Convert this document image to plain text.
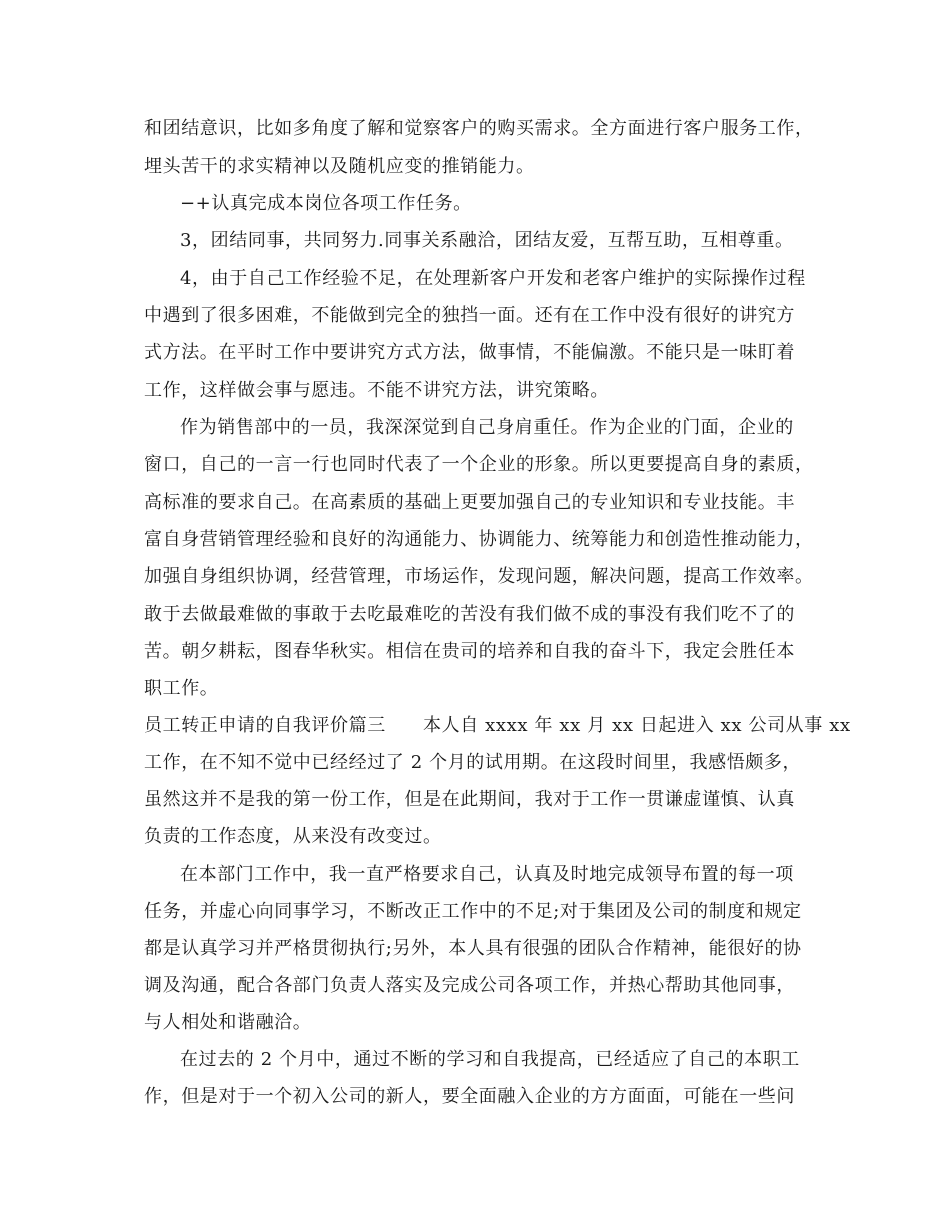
和团结意识，比如多角度了解和觉察客户的购买需求。全方面进行客户服务工作，
埋头苦干的求实精神以及随机应变的推销能力。
−+认真完成本岗位各项工作任务。
3，团结同事，共同努力.同事关系融洽，团结友爱，互帮互助，互相尊重。
4，由于自己工作经验不足，在处理新客户开发和老客户维护的实际操作过程
中遇到了很多困难，不能做到完全的独挡一面。还有在工作中没有很好的讲究方
式方法。在平时工作中要讲究方式方法，做事情，不能偏激。不能只是一味盯着
工作，这样做会事与愿违。不能不讲究方法，讲究策略。
作为销售部中的一员，我深深觉到自己身肩重任。作为企业的门面，企业的
窗口，自己的一言一行也同时代表了一个企业的形象。所以更要提高自身的素质，
高标准的要求自己。在高素质的基础上更要加强自己的专业知识和专业技能。丰
富自身营销管理经验和良好的沟通能力、协调能力、统筹能力和创造性推动能力，
加强自身组织协调，经营管理，市场运作，发现问题，解决问题，提高工作效率。
敢于去做最难做的事敢于去吃最难吃的苦没有我们做不成的事没有我们吃不了的
苦。朝夕耕耘，图春华秋实。相信在贵司的培养和自我的奋斗下，我定会胜任本
职工作。
员工转正申请的自我评价篇三　　本人自 xxxx 年 xx 月 xx 日起进入 xx 公司从事 xx
工作，在不知不觉中已经经过了 2 个月的试用期。在这段时间里，我感悟颇多，
虽然这并不是我的第一份工作，但是在此期间，我对于工作一贯谦虚谨慎、认真
负责的工作态度，从来没有改变过。
在本部门工作中，我一直严格要求自己，认真及时地完成领导布置的每一项
任务，并虚心向同事学习，不断改正工作中的不足;对于集团及公司的制度和规定
都是认真学习并严格贯彻执行;另外，本人具有很强的团队合作精神，能很好的协
调及沟通，配合各部门负责人落实及完成公司各项工作，并热心帮助其他同事，
与人相处和谐融洽。
在过去的 2 个月中，通过不断的学习和自我提高，已经适应了自己的本职工
作，但是对于一个初入公司的新人，要全面融入企业的方方面面，可能在一些问
